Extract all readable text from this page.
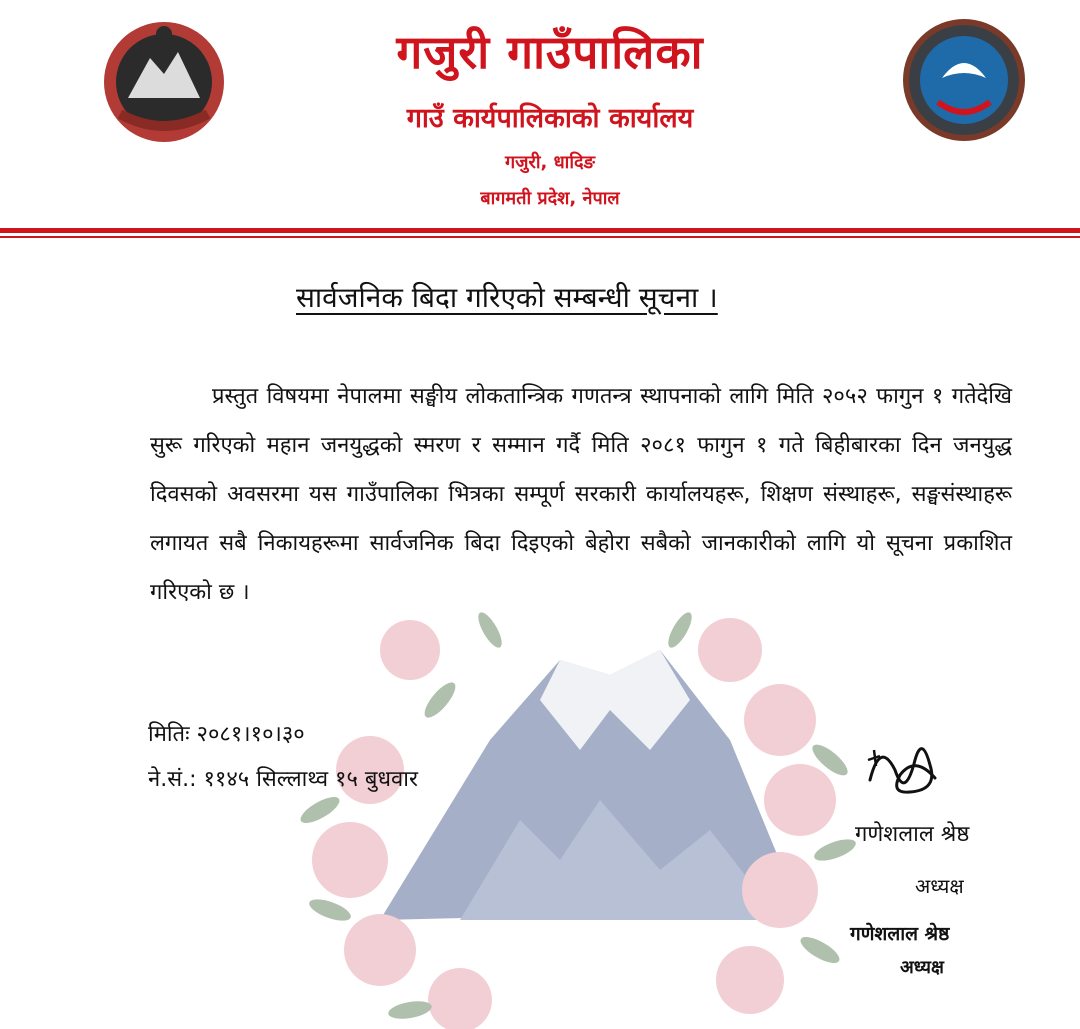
गजुरी गाउँपालिका
गाउँ कार्यपालिकाको कार्यालय
गजुरी, धादिङ
बागमती प्रदेश, नेपाल
सार्वजनिक बिदा गरिएको सम्बन्धी सूचना ।
प्रस्तुत विषयमा नेपालमा सङ्घीय लोकतान्त्रिक गणतन्त्र स्थापनाको लागि मिति २०५२ फागुन १ गतेदेखि सुरू गरिएको महान जनयुद्धको स्मरण र सम्मान गर्दै मिति २०८१ फागुन १ गते बिहीबारका दिन जनयुद्ध दिवसको अवसरमा यस गाउँपालिका भित्रका सम्पूर्ण सरकारी कार्यालयहरू, शिक्षण संस्थाहरू, सङ्घसंस्थाहरू लगायत सबै निकायहरूमा सार्वजनिक बिदा दिइएको बेहोरा सबैको जानकारीको लागि यो सूचना प्रकाशित गरिएको छ ।
मितिः २०८१।१०।३०
ने.सं.: ११४५ सिल्लाथ्व १५ बुधवार
गणेशलाल श्रेष्ठ
अध्यक्ष
गणेशलाल श्रेष्ठ
अध्यक्ष
